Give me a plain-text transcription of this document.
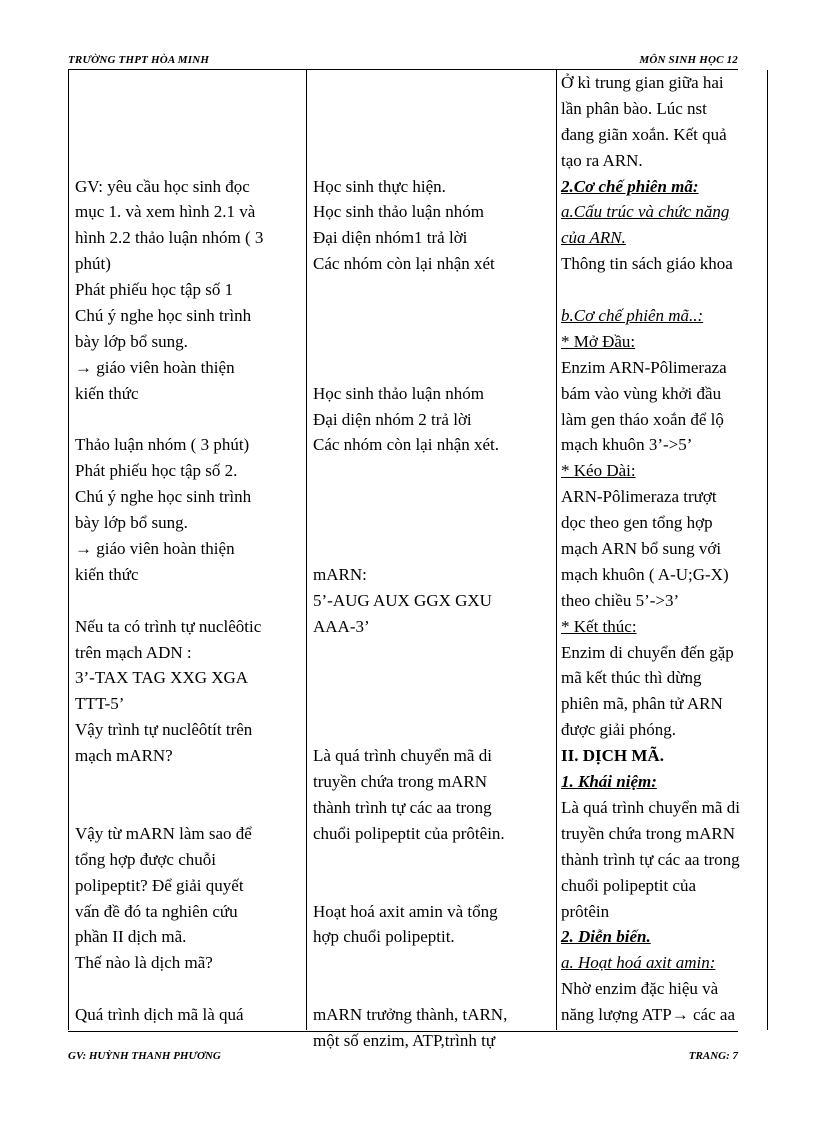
TRƯỜNG THPT HÒA MINH	MÔN SINH HỌC 12
GV: yêu cầu học sinh đọc
mục 1. và xem hình 2.1 và
hình 2.2 thảo luận nhóm ( 3
phút)
Phát phiếu học tập số 1
Chú ý nghe học sinh trình
bày lớp bổ sung.
→ giáo viên hoàn thiện
kiến thức
Thảo luận nhóm ( 3 phút)
Phát phiếu học tập số 2.
Chú ý nghe học sinh trình
bày lớp bổ sung.
→ giáo viên hoàn thiện
kiến thức
Nếu ta có trình tự nuclêôtic
trên mạch ADN :
3’-TAX TAG XXG XGA
TTT-5’
Vậy trình tự nuclêôtít trên
mạch mARN?
Vậy từ mARN làm sao để
tổng hợp được chuỗi
polipeptit? Để giải quyết
vấn đề đó ta nghiên cứu
phần II dịch mã.
Thế nào là dịch mã?
Quá trình dịch mã là quá
Học sinh thực hiện.
Học sinh thảo luận nhóm
Đại diện nhóm1 trả lời
Các nhóm còn lại nhận xét
Học sinh thảo luận nhóm
Đại diện nhóm 2 trả lời
Các nhóm còn lại nhận xét.
mARN:
5’-AUG AUX GGX GXU
AAA-3’
Là quá trình chuyển mã di
truyền chứa trong mARN
thành trình tự các aa trong
chuổi polipeptit của prôtêin.
Hoạt hoá axit amin và tổng
hợp chuổi polipeptit.
mARN trưởng thành, tARN,
một số enzim, ATP,trình tự
Ở kì trung gian giữa hai
lần phân bào. Lúc nst
đang giãn xoắn. Kết quả
tạo ra ARN.
2.Cơ chế phiên mã:
a.Cấu trúc và chức năng
của ARN.
Thông tin sách giáo khoa
b.Cơ chế phiên mã..:
* Mở Đầu:
Enzim ARN-Pôlimeraza
bám vào vùng khởi đầu
làm gen tháo xoắn để lộ
mạch khuôn 3’->5’
* Kéo Dài:
ARN-Pôlimeraza trượt
dọc theo gen tổng hợp
mạch ARN bổ sung với
mạch khuôn ( A-U;G-X)
theo chiều 5’->3’
* Kết thúc:
Enzim di chuyển đến gặp
mã kết thúc thì dừng
phiên mã, phân tử ARN
được giải phóng.
II. DỊCH MÃ.
1. Khái niệm:
Là quá trình chuyển mã di
truyền chứa trong mARN
thành trình tự các aa trong
chuổi polipeptit của
prôtêin
2. Diễn biến.
a. Hoạt hoá axit amin:
Nhờ enzim đặc hiệu và
năng lượng ATP→ các aa
GV: HUỲNH THANH PHƯƠNG	TRANG: 7
